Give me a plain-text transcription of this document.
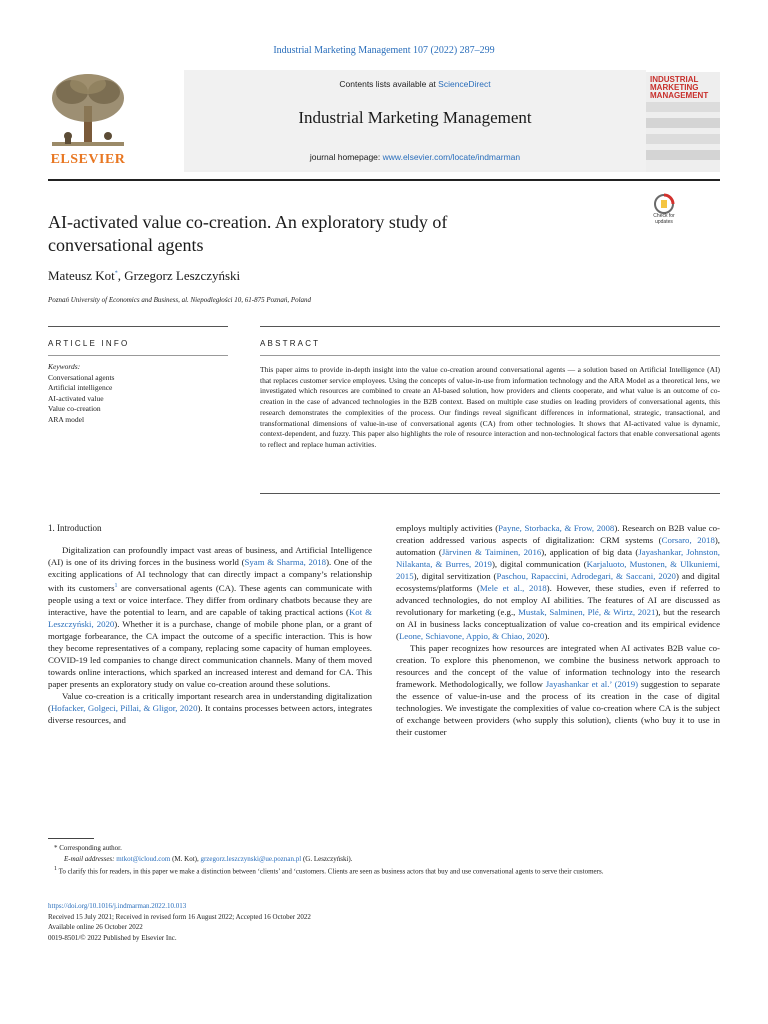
Industrial Marketing Management 107 (2022) 287–299
ELSEVIER
Contents lists available at ScienceDirect
Industrial Marketing Management
journal homepage: www.elsevier.com/locate/indmarman
INDUSTRIAL MARKETING MANAGEMENT
Check for updates
AI-activated value co-creation. An exploratory study of
conversational agents
Mateusz Kot*, Grzegorz Leszczyński
Poznań University of Economics and Business, al. Niepodległości 10, 61-875 Poznań, Poland
ARTICLE INFO	ABSTRACT
Keywords:
Conversational agents
Artificial intelligence
AI-activated value
Value co-creation
ARA model
This paper aims to provide in-depth insight into the value co-creation around conversational agents — a solution based on Artificial Intelligence (AI) that replaces customer service employees. Using the concepts of value-in-use from information technology and the ARA Model as a theoretical lens, we investigated which resources are combined to create an AI-based solution, how providers and clients cooperate, and what value is an outcome of co-creation in the case of advanced technologies in the B2B context. Based on multiple case studies on leading providers of conversational agents, this research demonstrates the complexities of the process. Our findings reveal significant differences in informational, strategic, transactional, and transformational dimensions of value-in-use of conversational agents (CA) from other technologies. It shows that AI-activated value is dynamic, context-dependent, and fuzzy. This paper also highlights the role of resource interaction and non-technological factors that enable conversational agents to reflect and replace human activities.
1. Introduction

Digitalization can profoundly impact vast areas of business, and Artificial Intelligence (AI) is one of its driving forces in the business world (Syam & Sharma, 2018). One of the exciting applications of AI technology that can directly impact a company’s relationship with its customers$^1$ are conversational agents (CA). These agents can communicate with people using a text or voice interface. They differ from ordinary chatbots because they are interactive, have the potential to learn, and are capable of taking practical actions (Kot & Leszczyński, 2020). Whether it is a purchase, change of mobile phone plan, or a grant of mortgage forbearance, the CA impact the outcome of a specific interaction. This is how they become representatives of a company, replacing some capacity of human employees. COVID-19 led companies to change direct communication channels. Many of them moved towards online interactions, which sparked an increased interest and demand for CA. This paper presents an exploratory study on value co-creation around these solutions.

Value co-creation is a critically important research area in understanding digitalization (Hofacker, Golgeci, Pillai, & Gligor, 2020). It contains processes between actors, integrates diverse resources, and

employs multiply activities (Payne, Storbacka, & Frow, 2008). Research on B2B value co-creation addressed various aspects of digitalization: CRM systems (Corsaro, 2018), automation (Järvinen & Taiminen, 2016), application of big data (Jayashankar, Johnston, Nilakanta, & Burres, 2019), digital communication (Karjaluoto, Mustonen, & Ulkuniemi, 2015), digital servitization (Paschou, Rapaccini, Adrodegari, & Saccani, 2020) and digital ecosystems/platforms (Mele et al., 2018). However, these studies, even if referred to advanced technologies, do not employ AI abilities. The features of AI are discussed as revolutionary for marketing (e.g., Mustak, Salminen, Plé, & Wirtz, 2021), but the research on AI in business lacks conceptualization of value co-creation and its empirical evidence (Leone, Schiavone, Appio, & Chiao, 2020).

This paper recognizes how resources are integrated when AI activates B2B value co-creation. To explore this phenomenon, we combine the business network approach to resources and the concept of the value of information technology into the research framework. Methodologically, we follow Jayashankar et al.’ (2019) suggestion to separate the essence of value-in-use and the process of its creation in the case of digital technologies. We investigate the complexities of value co-creation where CA is the subject of exchange between providers (who supply this solution), clients (who buy it to use in their customer

* Corresponding author.
E-mail addresses: mtkot@icloud.com (M. Kot), grzegorz.leszczynski@ue.poznan.pl (G. Leszczyński).
$^1$ To clarify this for readers, in this paper we make a distinction between ‘clients’ and ‘customers. Clients are seen as business actors that buy and use conversational agents to serve their customers.
https://doi.org/10.1016/j.indmarman.2022.10.013
Received 15 July 2021; Received in revised form 16 August 2022; Accepted 16 October 2022
Available online 26 October 2022
0019-8501/© 2022 Published by Elsevier Inc.
